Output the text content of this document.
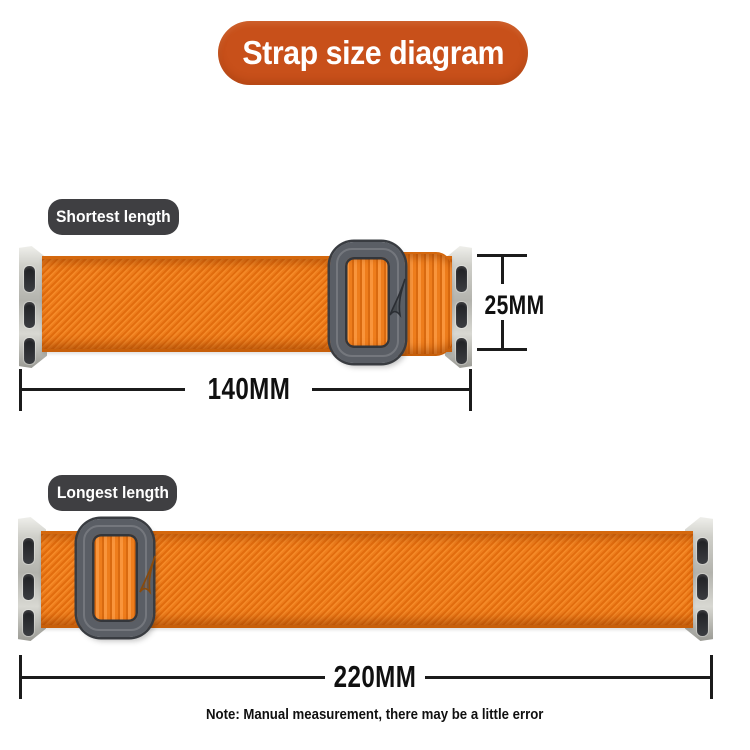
Strap size diagram
Shortest length
25MM
140MM
Longest length
220MM
Note: Manual measurement, there may be a little error
